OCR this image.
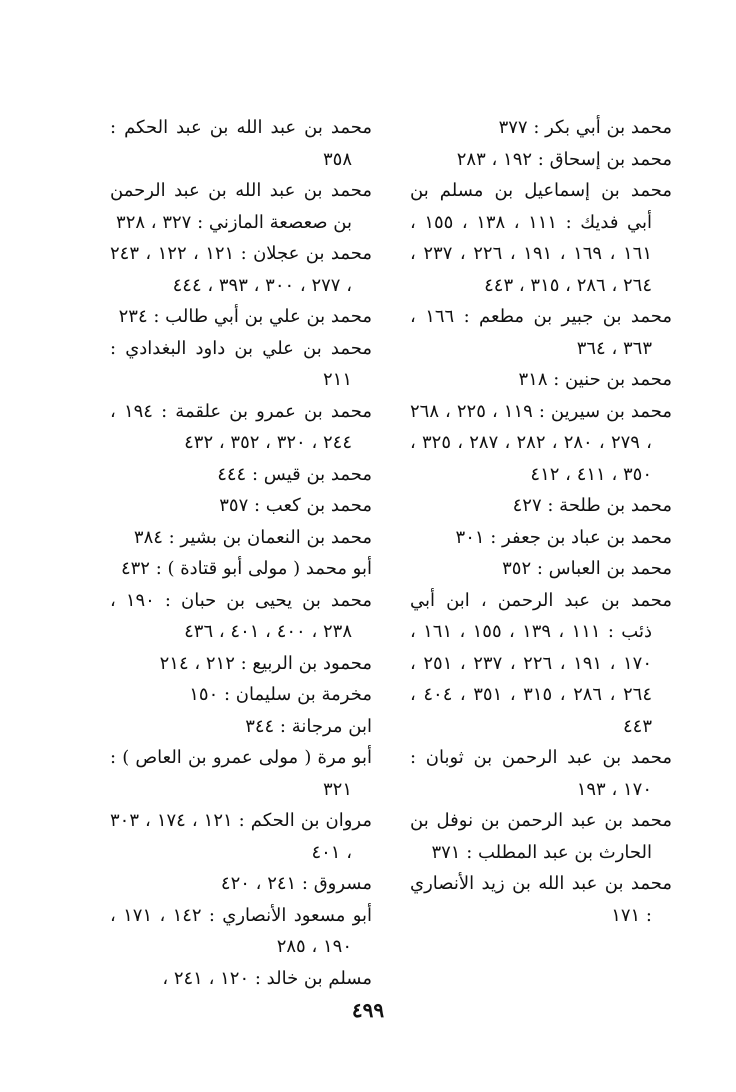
محمد بن أبي بكر : ٣٧٧
محمد بن إسحاق : ١٩٢ ، ٢٨٣
محمد بن إسماعيل بن مسلم بن أبي فديك : ١١١ ، ١٣٨ ، ١٥٥ ، ١٦١ ، ١٦٩ ، ١٩١ ، ٢٢٦ ، ٢٣٧ ، ٢٦٤ ، ٢٨٦ ، ٣١٥ ، ٤٤٣
محمد بن جبير بن مطعم : ١٦٦ ، ٣٦٣ ، ٣٦٤
محمد بن حنين : ٣١٨
محمد بن سيرين : ١١٩ ، ٢٢٥ ، ٢٦٨ ، ٢٧٩ ، ٢٨٠ ، ٢٨٢ ، ٢٨٧ ، ٣٢٥ ، ٣٥٠ ، ٤١١ ، ٤١٢
محمد بن طلحة : ٤٢٧
محمد بن عباد بن جعفر : ٣٠١
محمد بن العباس : ٣٥٢
محمد بن عبد الرحمن ، ابن أبي ذئب : ١١١ ، ١٣٩ ، ١٥٥ ، ١٦١ ، ١٧٠ ، ١٩١ ، ٢٢٦ ، ٢٣٧ ، ٢٥١ ، ٢٦٤ ، ٢٨٦ ، ٣١٥ ، ٣٥١ ، ٤٠٤ ، ٤٤٣
محمد بن عبد الرحمن بن ثوبان : ١٧٠ ، ١٩٣
محمد بن عبد الرحمن بن نوفل بن الحارث بن عبد المطلب : ٣٧١
محمد بن عبد الله بن زيد الأنصاري : ١٧١
محمد بن عبد الله بن عبد الحكم : ٣٥٨
محمد بن عبد الله بن عبد الرحمن بن صعصعة المازني : ٣٢٧ ، ٣٢٨
محمد بن عجلان : ١٢١ ، ١٢٢ ، ٢٤٣ ، ٢٧٧ ، ٣٠٠ ، ٣٩٣ ، ٤٤٤
محمد بن علي بن أبي طالب : ٢٣٤
محمد بن علي بن داود البغدادي : ٢١١
محمد بن عمرو بن علقمة : ١٩٤ ، ٢٤٤ ، ٣٢٠ ، ٣٥٢ ، ٤٣٢
محمد بن قيس : ٤٤٤
محمد بن كعب : ٣٥٧
محمد بن النعمان بن بشير : ٣٨٤
أبو محمد ( مولى أبو قتادة ) : ٤٣٢
محمد بن يحيى بن حبان : ١٩٠ ، ٢٣٨ ، ٤٠٠ ، ٤٠١ ، ٤٣٦
محمود بن الربيع : ٢١٢ ، ٢١٤
مخرمة بن سليمان : ١٥٠
ابن مرجانة : ٣٤٤
أبو مرة ( مولى عمرو بن العاص ) : ٣٢١
مروان بن الحكم : ١٢١ ، ١٧٤ ، ٣٠٣ ، ٤٠١
مسروق : ٢٤١ ، ٤٢٠
أبو مسعود الأنصاري : ١٤٢ ، ١٧١ ، ١٩٠ ، ٢٨٥
مسلم بن خالد : ١٢٠ ، ٢٤١ ،
٤٩٩
